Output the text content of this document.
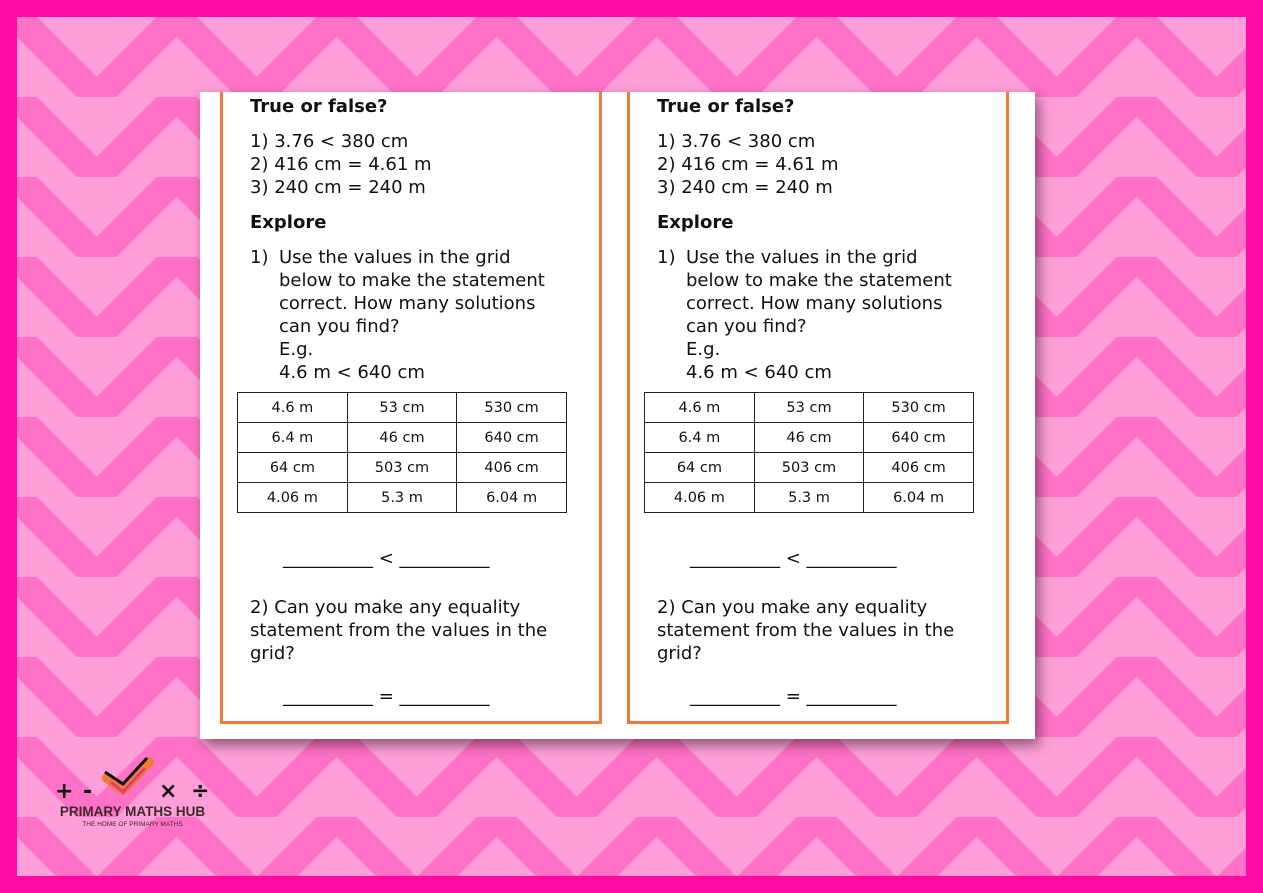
True or false?

1) 3.76 < 380 cm
2) 416 cm = 4.61 m
3) 240 cm = 240 m

Explore

1) Use the values in the grid
below to make the statement
correct. How many solutions
can you find?
E.g.
4.6 m < 640 cm
4.6 m	53 cm	530 cm
6.4 m	46 cm	640 cm
64 cm	503 cm	406 cm
4.06 m	5.3 m	6.04 m
__________ < __________
2) Can you make any equality
statement from the values in the
grid?
__________ = __________

True or false?

1) 3.76 < 380 cm
2) 416 cm = 4.61 m
3) 240 cm = 240 m

Explore

1) Use the values in the grid
below to make the statement
correct. How many solutions
can you find?
E.g.
4.6 m < 640 cm
4.6 m	53 cm	530 cm
6.4 m	46 cm	640 cm
64 cm	503 cm	406 cm
4.06 m	5.3 m	6.04 m
__________ < __________
2) Can you make any equality
statement from the values in the
grid?
__________ = __________
+ -	× ÷
PRIMARY MATHS HUB
THE HOME OF PRIMARY MATHS
